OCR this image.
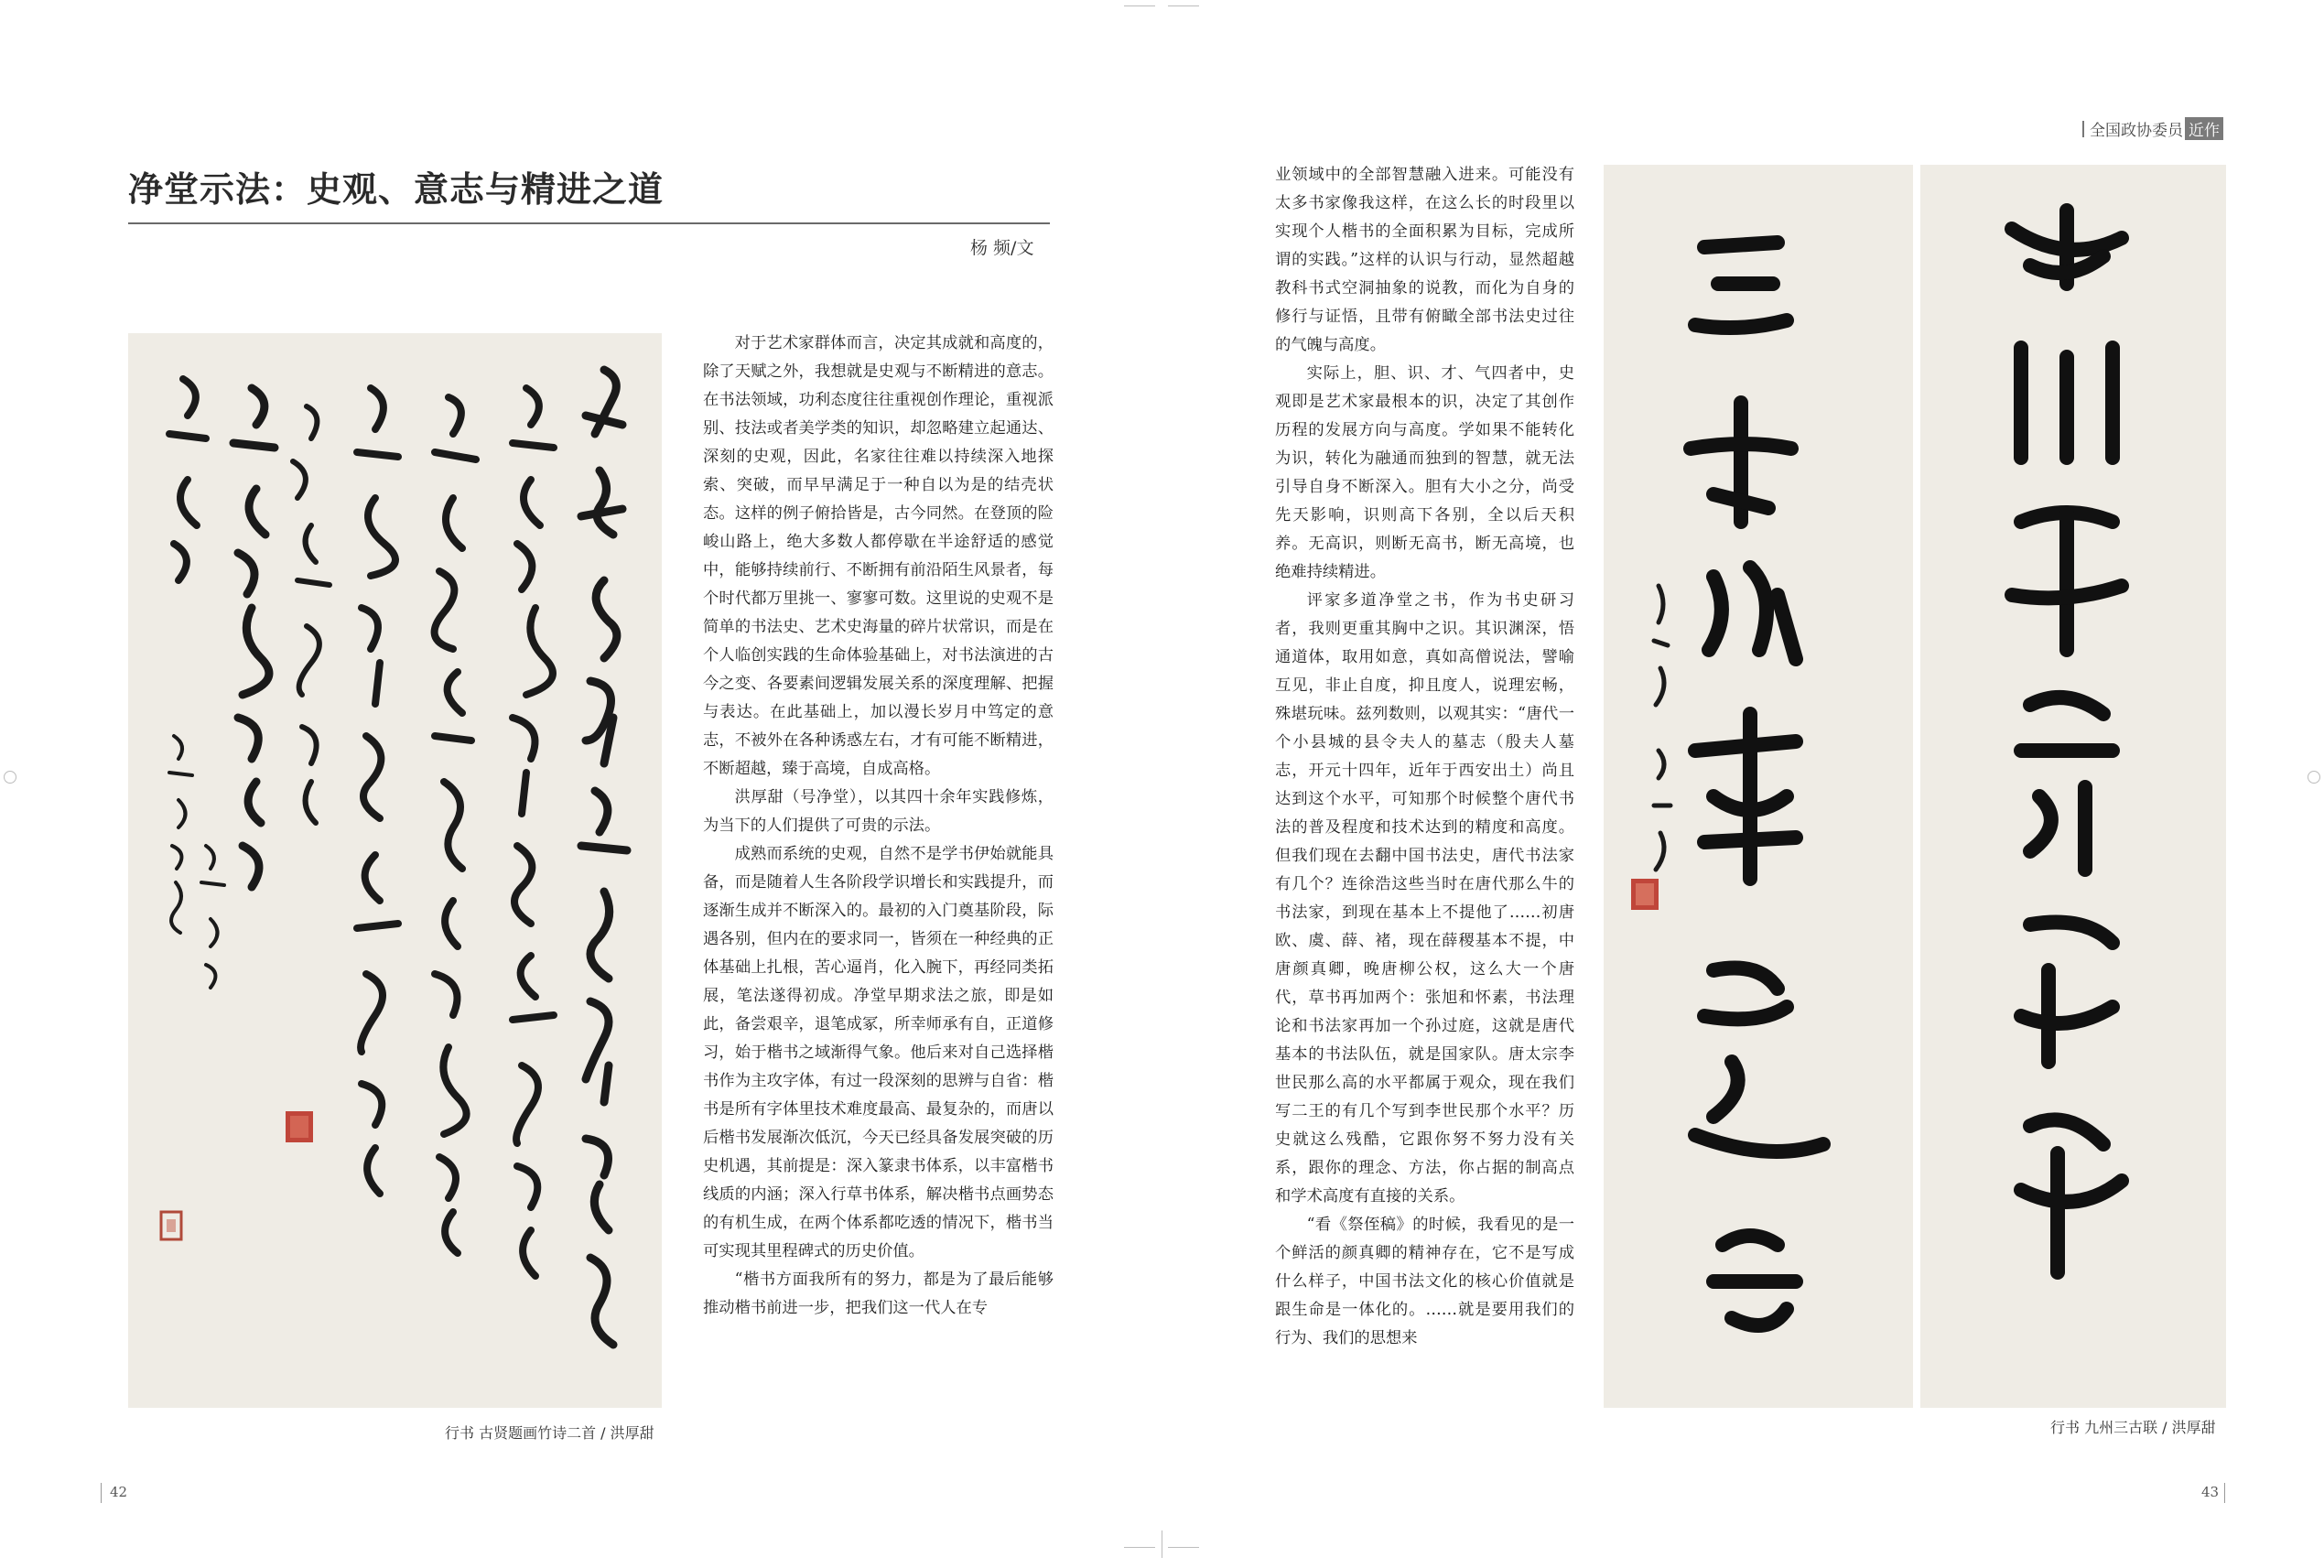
全国政协委员 近作
净堂示法：史观、意志与精进之道
杨 频/文
行书 古贤题画竹诗二首 / 洪厚甜

对于艺术家群体而言，决定其成就和高度的，除了天赋之外，我想就是史观与不断精进的意志。在书法领域，功利态度往往重视创作理论，重视派别、技法或者美学类的知识，却忽略建立起通达、深刻的史观，因此，名家往往难以持续深入地探索、突破，而早早满足于一种自以为是的结壳状态。这样的例子俯拾皆是，古今同然。在登顶的险峻山路上，绝大多数人都停歇在半途舒适的感觉中，能够持续前行、不断拥有前沿陌生风景者，每个时代都万里挑一、寥寥可数。这里说的史观不是简单的书法史、艺术史海量的碎片状常识，而是在个人临创实践的生命体验基础上，对书法演进的古今之变、各要素间逻辑发展关系的深度理解、把握与表达。在此基础上，加以漫长岁月中笃定的意志，不被外在各种诱惑左右，才有可能不断精进，不断超越，臻于高境，自成高格。

洪厚甜（号净堂），以其四十余年实践修炼，为当下的人们提供了可贵的示法。

成熟而系统的史观，自然不是学书伊始就能具备，而是随着人生各阶段学识增长和实践提升，而逐渐生成并不断深入的。最初的入门奠基阶段，际遇各别，但内在的要求同一，皆须在一种经典的正体基础上扎根，苦心逼肖，化入腕下，再经同类拓展，笔法遂得初成。净堂早期求法之旅，即是如此，备尝艰辛，退笔成冢，所幸师承有自，正道修习，始于楷书之域渐得气象。他后来对自己选择楷书作为主攻字体，有过一段深刻的思辨与自省：楷书是所有字体里技术难度最高、最复杂的，而唐以后楷书发展渐次低沉，今天已经具备发展突破的历史机遇，其前提是：深入篆隶书体系，以丰富楷书线质的内涵；深入行草书体系，解决楷书点画势态的有机生成，在两个体系都吃透的情况下，楷书当可实现其里程碑式的历史价值。

“楷书方面我所有的努力，都是为了最后能够推动楷书前进一步，把我们这一代人在专

业领域中的全部智慧融入进来。可能没有太多书家像我这样，在这么长的时段里以实现个人楷书的全面积累为目标，完成所谓的实践。”这样的认识与行动，显然超越教科书式空洞抽象的说教，而化为自身的修行与证悟，且带有俯瞰全部书法史过往的气魄与高度。

实际上，胆、识、才、气四者中，史观即是艺术家最根本的识，决定了其创作历程的发展方向与高度。学如果不能转化为识，转化为融通而独到的智慧，就无法引导自身不断深入。胆有大小之分，尚受先天影响，识则高下各别，全以后天积养。无高识，则断无高书，断无高境，也绝难持续精进。

评家多道净堂之书，作为书史研习者，我则更重其胸中之识。其识渊深，悟通道体，取用如意，真如高僧说法，譬喻互见，非止自度，抑且度人，说理宏畅，殊堪玩味。兹列数则，以观其实：“唐代一个小县城的县令夫人的墓志（殷夫人墓志，开元十四年，近年于西安出土）尚且达到这个水平，可知那个时候整个唐代书法的普及程度和技术达到的精度和高度。但我们现在去翻中国书法史，唐代书法家有几个？连徐浩这些当时在唐代那么牛的书法家，到现在基本上不提他了……初唐欧、虞、薛、褚，现在薛稷基本不提，中唐颜真卿，晚唐柳公权，这么大一个唐代，草书再加两个：张旭和怀素，书法理论和书法家再加一个孙过庭，这就是唐代基本的书法队伍，就是国家队。唐太宗李世民那么高的水平都属于观众，现在我们写二王的有几个写到李世民那个水平？历史就这么残酷，它跟你努不努力没有关系，跟你的理念、方法，你占据的制高点和学术高度有直接的关系。

“看《祭侄稿》的时候，我看见的是一个鲜活的颜真卿的精神存在，它不是写成什么样子，中国书法文化的核心价值就是跟生命是一体化的。……就是要用我们的行为、我们的思想来

行书 九州三古联 / 洪厚甜
42	43
